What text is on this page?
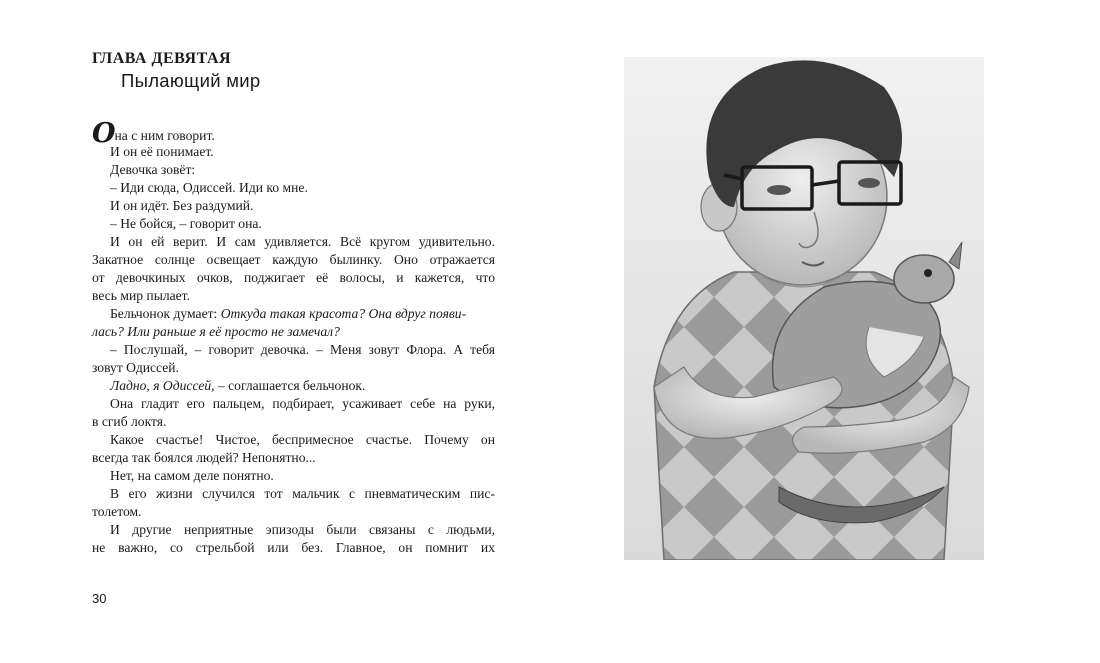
ГЛАВА ДЕВЯТАЯ
Пылающий мир
Она с ним говорит.
И он её понимает.
Девочка зовёт:
– Иди сюда, Одиссей. Иди ко мне.
И он идёт. Без раздумий.
– Не бойся, – говорит она.
И он ей верит. И сам удивляется. Всё кругом удивительно.
Закатное солнце освещает каждую былинку. Оно отражается
от девочкиных очков, поджигает её волосы, и кажется, что
весь мир пылает.
Бельчонок думает: Откуда такая красота? Она вдруг появи-
лась? Или раньше я её просто не замечал?
– Послушай, – говорит девочка. – Меня зовут Флора. А тебя
зовут Одиссей.
Ладно, я Одиссей, – соглашается бельчонок.
Она гладит его пальцем, подбирает, усаживает себе на руки,
в сгиб локтя.
Какое счастье! Чистое, беспримесное счастье. Почему он
всегда так боялся людей? Непонятно...
Нет, на самом деле понятно.
В его жизни случился тот мальчик с пневматическим пис-
толетом.
И другие неприятные эпизоды были связаны с людьми,
не важно, со стрельбой или без. Главное, он помнит их
30
